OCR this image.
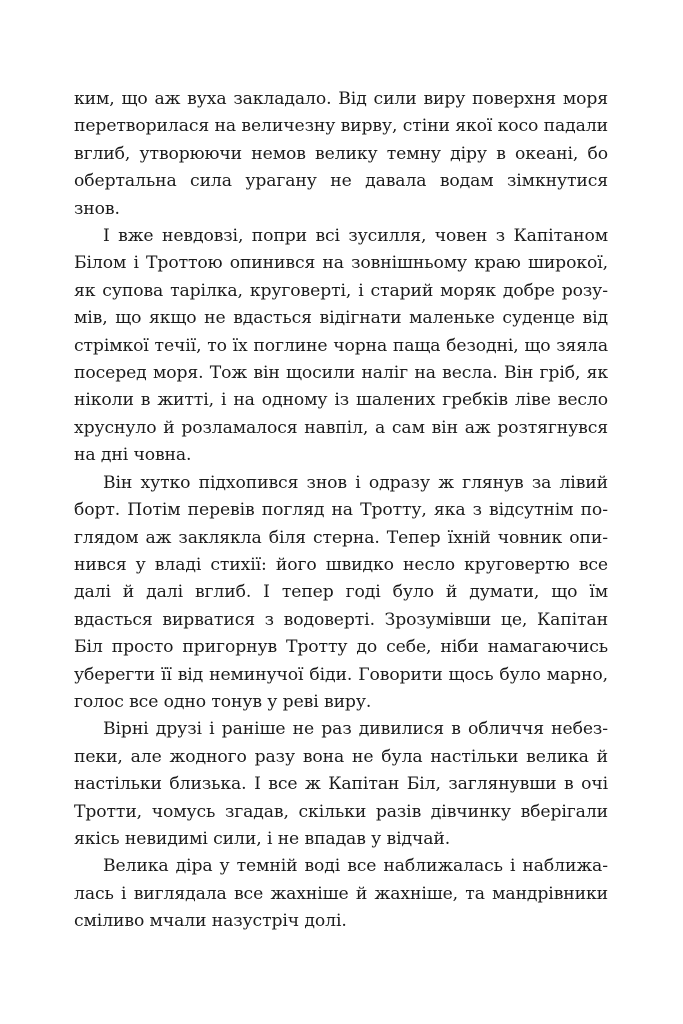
ким, що аж вуха закладало. Від сили виру поверхня моря перетворилася на величезну вирву, стіни якої косо падали вглиб, утворюючи немов велику темну діру в океані, бо обертальна сила урагану не давала водам зімкнутися знов.

І вже невдовзі, попри всі зусилля, човен з Капітаном Білом і Троттою опинився на зовнішньому краю широкої, як супова тарілка, круговерті, і старий моряк добре розумів, що якщо не вдасться відігнати маленьке суденце від стрімкої течії, то їх поглине чорна паща безодні, що зяяла посеред моря. Тож він щосили наліг на весла. Він гріб, як ніколи в житті, і на одному із шалених гребків ліве весло хруснуло й розламалося навпіл, а сам він аж розтягнувся на дні човна.

Він хутко підхопився знов і одразу ж глянув за лівий борт. Потім перевів погляд на Тротту, яка з відсутнім поглядом аж заклякла біля стерна. Тепер їхній човник опинився у владі стихії: його швидко несло круговертю все далі й далі вглиб. І тепер годі було й думати, що їм вдасться вирватися з водоверті. Зрозумівши це, Капітан Біл просто пригорнув Тротту до себе, ніби намагаючись уберегти її від неминучої біди. Говорити щось було марно, голос все одно тонув у реві виру.

Вірні друзі і раніше не раз дивилися в обличчя небезпеки, але жодного разу вона не була настільки велика й настільки близька. І все ж Капітан Біл, заглянувши в очі Тротти, чомусь згадав, скільки разів дівчинку вберігали якісь невидимі сили, і не впадав у відчай.

Велика діра у темній воді все наближалась і наближалась і виглядала все жахніше й жахніше, та мандрівники сміливо мчали назустріч долі.
